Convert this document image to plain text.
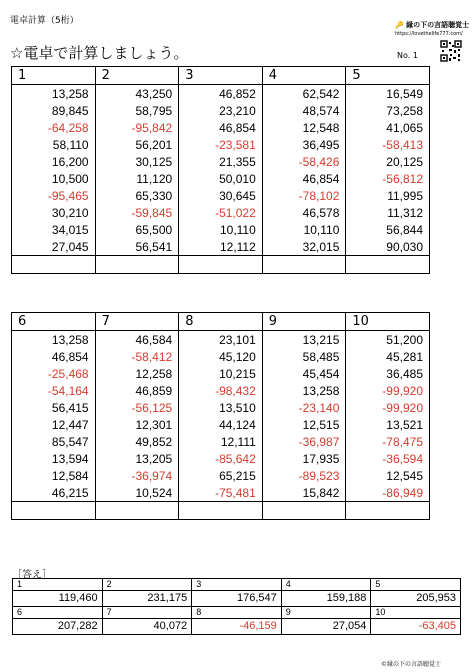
電卓計算（5桁）	🔑 縁の下の言語聴覚士
https://lovethelife777.com/
☆電卓で計算しましょう。	No. 1
1	2	3	4	5
13,258	43,250	46,852	62,542	16,549
89,845	58,795	23,210	48,574	73,258
-64,258	-95,842	46,854	12,548	41,065
58,110	56,201	-23,581	36,495	-58,413
16,200	30,125	21,355	-58,426	20,125
10,500	11,120	50,010	46,854	-56,812
-95,465	65,330	30,645	-78,102	11,995
30,210	-59,845	-51,022	46,578	11,312
34,015	65,500	10,110	10,110	56,844
27,045	56,541	12,112	32,015	90,030

6	7	8	9	10
13,258	46,584	23,101	13,215	51,200
46,854	-58,412	45,120	58,485	45,281
-25,468	12,258	10,215	45,454	36,485
-54,164	46,859	-98,432	13,258	-99,920
56,415	-56,125	13,510	-23,140	-99,920
12,447	12,301	44,124	12,515	13,521
85,547	49,852	12,111	-36,987	-78,475
13,594	13,205	-85,642	17,935	-36,594
12,584	-36,974	65,215	-89,523	12,545
46,215	10,524	-75,481	15,842	-86,949

［答え］
1	2	3	4	5
119,460	231,175	176,547	159,188	205,953
6	7	8	9	10
207,282	40,072	-46,159	27,054	-63,405
©縁の下の言語聴覚士
